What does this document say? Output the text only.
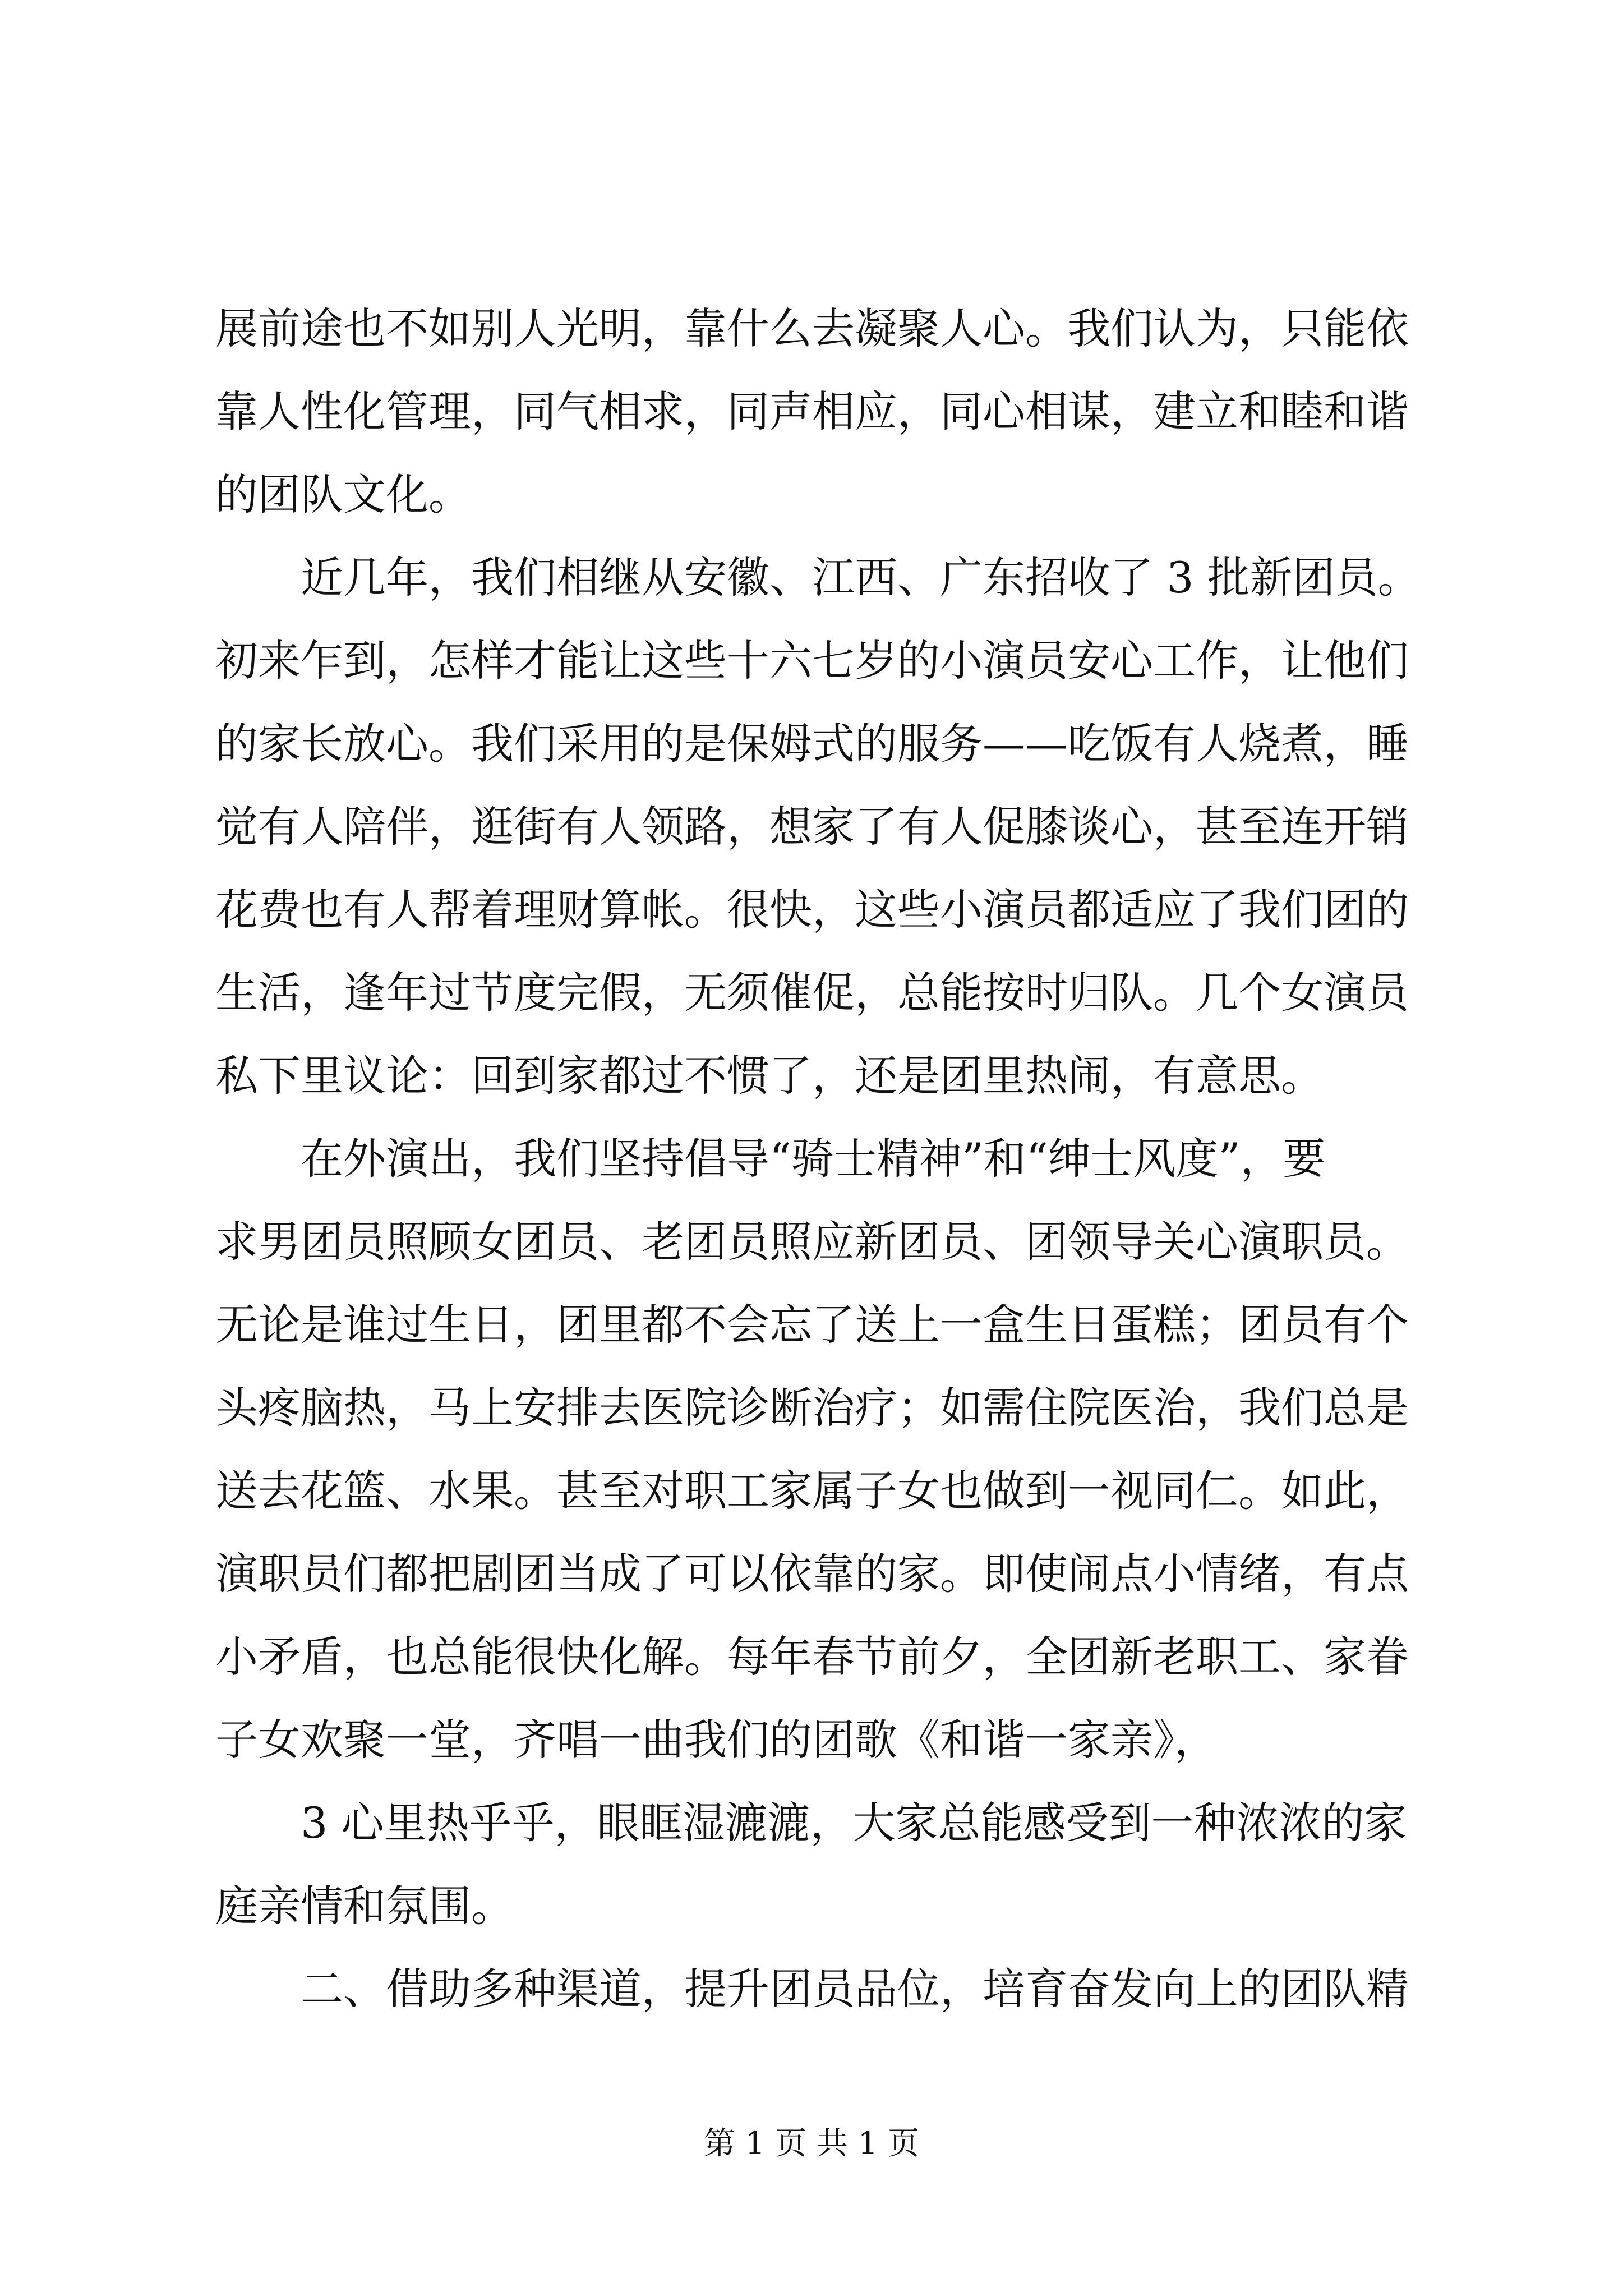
展前途也不如别人光明，靠什么去凝聚人心。我们认为，只能依
靠人性化管理，同气相求，同声相应，同心相谋，建立和睦和谐
的团队文化。
近几年，我们相继从安徽、江西、广东招收了 3 批新团员。
初来乍到，怎样才能让这些十六七岁的小演员安心工作，让他们
的家长放心。我们采用的是保姆式的服务——吃饭有人烧煮，睡
觉有人陪伴，逛街有人领路，想家了有人促膝谈心，甚至连开销
花费也有人帮着理财算帐。很快，这些小演员都适应了我们团的
生活，逢年过节度完假，无须催促，总能按时归队。几个女演员
私下里议论：回到家都过不惯了，还是团里热闹，有意思。
在外演出，我们坚持倡导“骑士精神”和“绅士风度”，要
求男团员照顾女团员、老团员照应新团员、团领导关心演职员。
无论是谁过生日，团里都不会忘了送上一盒生日蛋糕；团员有个
头疼脑热，马上安排去医院诊断治疗；如需住院医治，我们总是
送去花篮、水果。甚至对职工家属子女也做到一视同仁。如此，
演职员们都把剧团当成了可以依靠的家。即使闹点小情绪，有点
小矛盾，也总能很快化解。每年春节前夕，全团新老职工、家眷
子女欢聚一堂，齐唱一曲我们的团歌《和谐一家亲》，
3 心里热乎乎，眼眶湿漉漉，大家总能感受到一种浓浓的家
庭亲情和氛围。
二、借助多种渠道，提升团员品位，培育奋发向上的团队精
第 1 页 共 1 页
